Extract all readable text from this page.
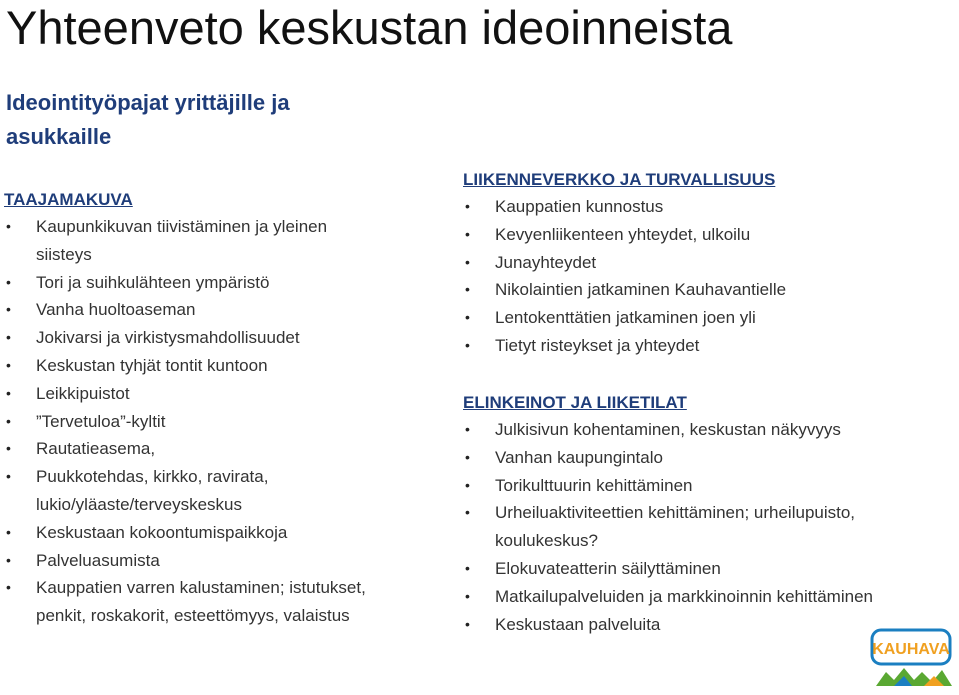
Yhteenveto keskustan ideoinneista
Ideointityöpajat yrittäjille ja asukkaille
TAAJAMAKUVA
• Kaupunkikuvan tiivistäminen ja yleinen siisteys
• Tori ja suihkulähteen ympäristö
• Vanha huoltoaseman
• Jokivarsi ja virkistysmahdollisuudet
• Keskustan tyhjät tontit kuntoon
• Leikkipuistot
• ”Tervetuloa”-kyltit
• Rautatieasema,
• Puukkotehdas, kirkko, ravirata, lukio/yläaste/terveyskeskus
• Keskustaan kokoontumispaikkoja
• Palveluasumista
• Kauppatien varren kalustaminen; istutukset, penkit, roskakorit, esteettömyys, valaistus
LIIKENNEVERKKO JA TURVALLISUUS
• Kauppatien kunnostus
• Kevyenliikenteen yhteydet, ulkoilu
• Junayhteydet
• Nikolaintien jatkaminen Kauhavantielle
• Lentokenttätien jatkaminen joen yli
• Tietyt risteykset ja yhteydet
ELINKEINOT JA LIIKETILAT
• Julkisivun kohentaminen, keskustan näkyvyys
• Vanhan kaupungintalo
• Torikulttuurin kehittäminen
• Urheiluaktiviteettien kehittäminen; urheilupuisto, koulukeskus?
• Elokuvateatterin säilyttäminen
• Matkailupalveluiden ja markkinoinnin kehittäminen
• Keskustaan palveluita
KAUHAVA
